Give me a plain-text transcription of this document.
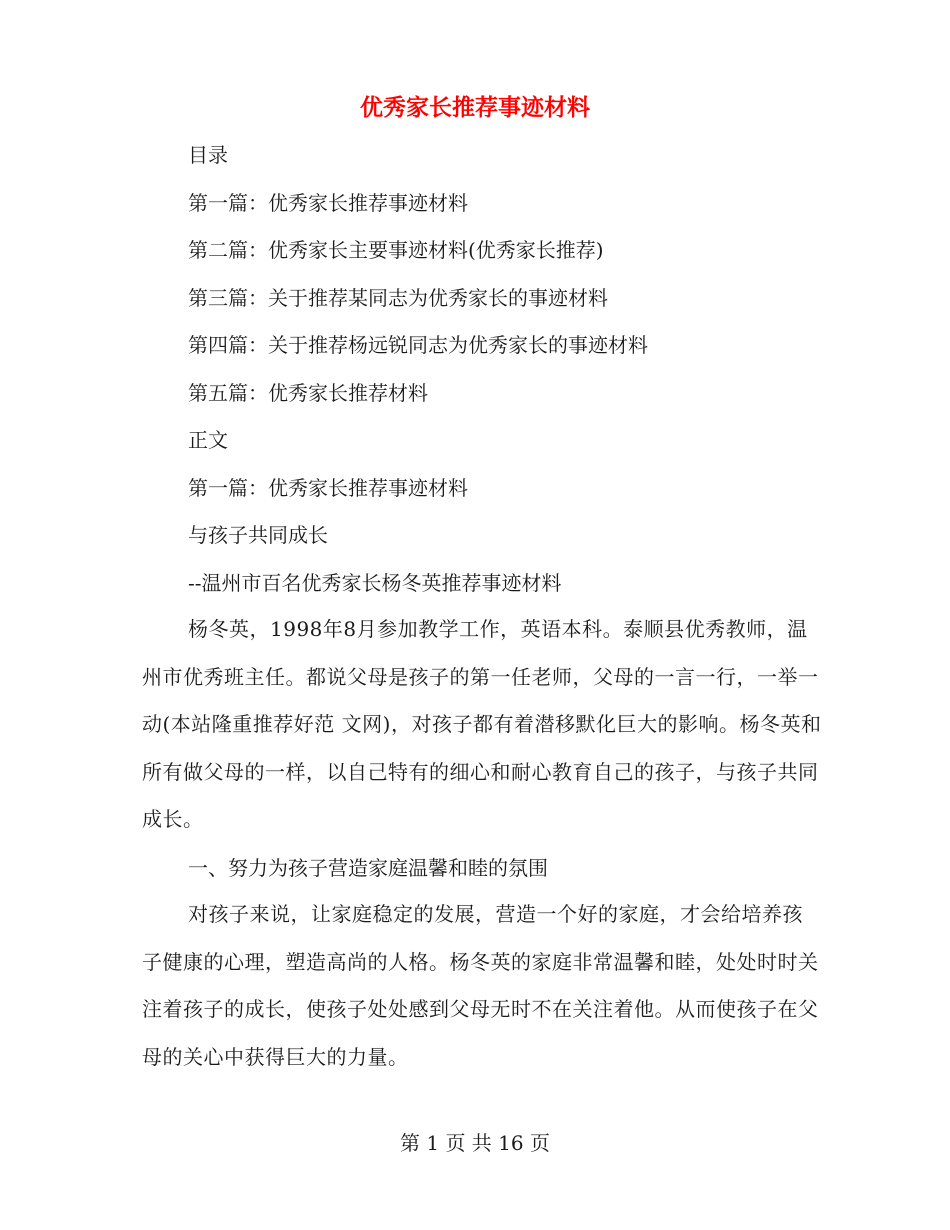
优秀家长推荐事迹材料

目录

第一篇：优秀家长推荐事迹材料

第二篇：优秀家长主要事迹材料(优秀家长推荐)

第三篇：关于推荐某同志为优秀家长的事迹材料

第四篇：关于推荐杨远锐同志为优秀家长的事迹材料

第五篇：优秀家长推荐材料

正文

第一篇：优秀家长推荐事迹材料

与孩子共同成长

--温州市百名优秀家长杨冬英推荐事迹材料

杨冬英，1998年8月参加教学工作，英语本科。泰顺县优秀教师，温州市优秀班主任。都说父母是孩子的第一任老师，父母的一言一行，一举一动(本站隆重推荐好范 文网)，对孩子都有着潜移默化巨大的影响。杨冬英和所有做父母的一样，以自己特有的细心和耐心教育自己的孩子，与孩子共同成长。

一、努力为孩子营造家庭温馨和睦的氛围

对孩子来说，让家庭稳定的发展，营造一个好的家庭，才会给培养孩子健康的心理，塑造高尚的人格。杨冬英的家庭非常温馨和睦，处处时时关注着孩子的成长，使孩子处处感到父母无时不在关注着他。从而使孩子在父母的关心中获得巨大的力量。

第 1 页 共 16 页
